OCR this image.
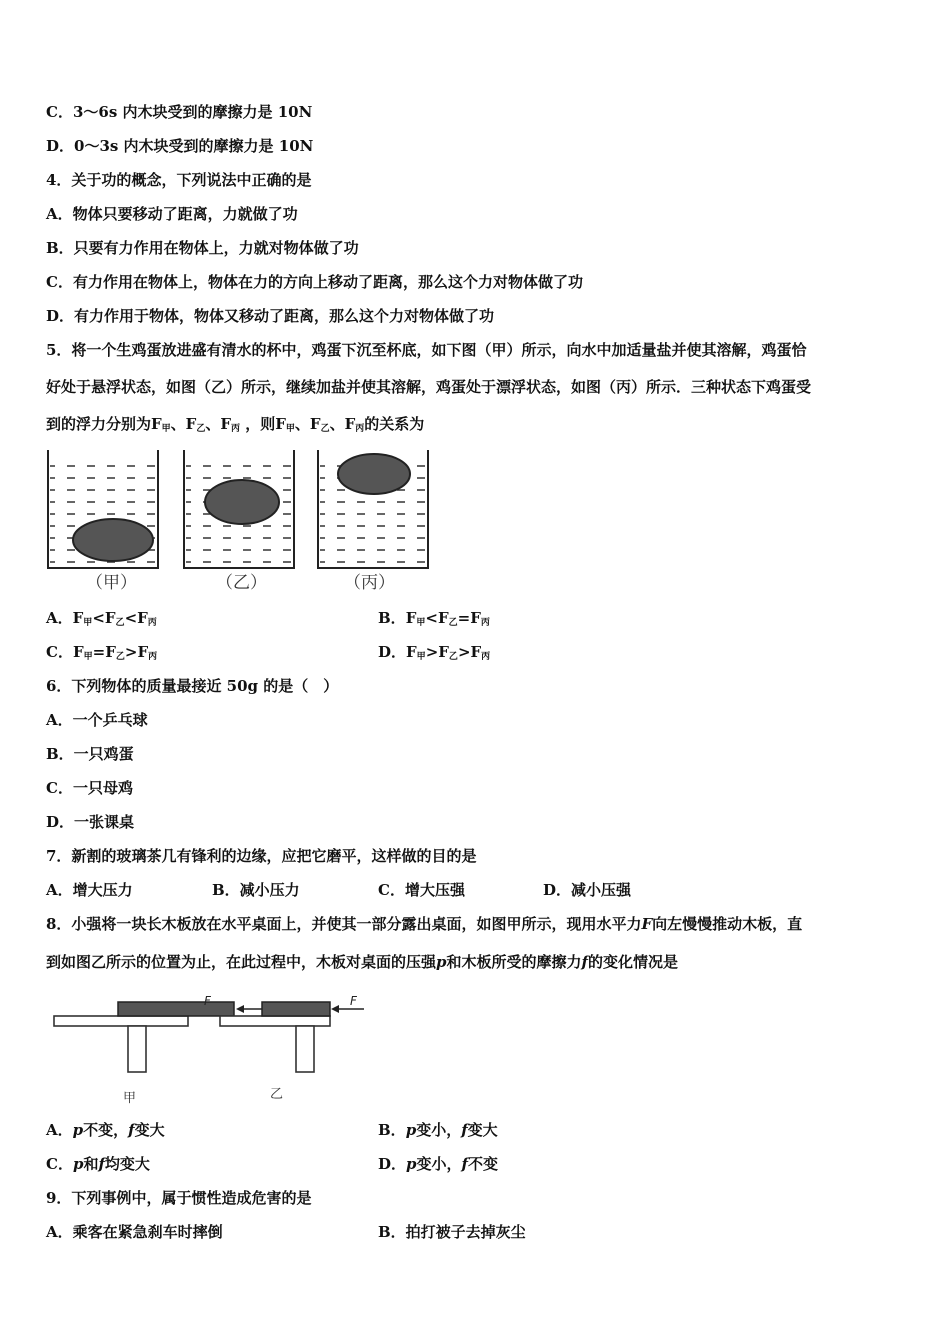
C．3～6s 内木块受到的摩擦力是 10N
D．0～3s 内木块受到的摩擦力是 10N
4．关于功的概念，下列说法中正确的是
A．物体只要移动了距离，力就做了功
B．只要有力作用在物体上，力就对物体做了功
C．有力作用在物体上，物体在力的方向上移动了距离，那么这个力对物体做了功
D．有力作用于物体，物体又移动了距离，那么这个力对物体做了功
5．将一个生鸡蛋放进盛有清水的杯中，鸡蛋下沉至杯底，如下图（甲）所示，向水中加适量盐并使其溶解，鸡蛋恰
好处于悬浮状态，如图（乙）所示，继续加盐并使其溶解，鸡蛋处于漂浮状态，如图（丙）所示．三种状态下鸡蛋受
到的浮力分别为$F_甲$、$F_乙$、$F_丙$ ，则$F_甲$、$F_乙$、$F_丙$的关系为
（甲）	（乙）	（丙）
A．$F_甲<F_乙<F_丙$	B．$F_甲<F_乙=F_丙$
C．$F_甲=F_乙>F_丙$	D．$F_甲>F_乙>F_丙$
6．下列物体的质量最接近 50g 的是（　）
A．一个乒乓球
B．一只鸡蛋
C．一只母鸡
D．一张课桌
7．新割的玻璃茶几有锋利的边缘，应把它磨平，这样做的目的是
A．增大压力	B．减小压力	C．增大压强	D．减小压强
8．小强将一块长木板放在水平桌面上，并使其一部分露出桌面，如图甲所示，现用水平力F向左慢慢推动木板，直
到如图乙所示的位置为止，在此过程中，木板对桌面的压强p和木板所受的摩擦力f的变化情况是
F
甲
F
乙
A．p不变，f变大	B．p变小，f变大
C．p和f均变大	D．p变小，f不变
9．下列事例中，属于惯性造成危害的是
A．乘客在紧急刹车时摔倒	B．拍打被子去掉灰尘
